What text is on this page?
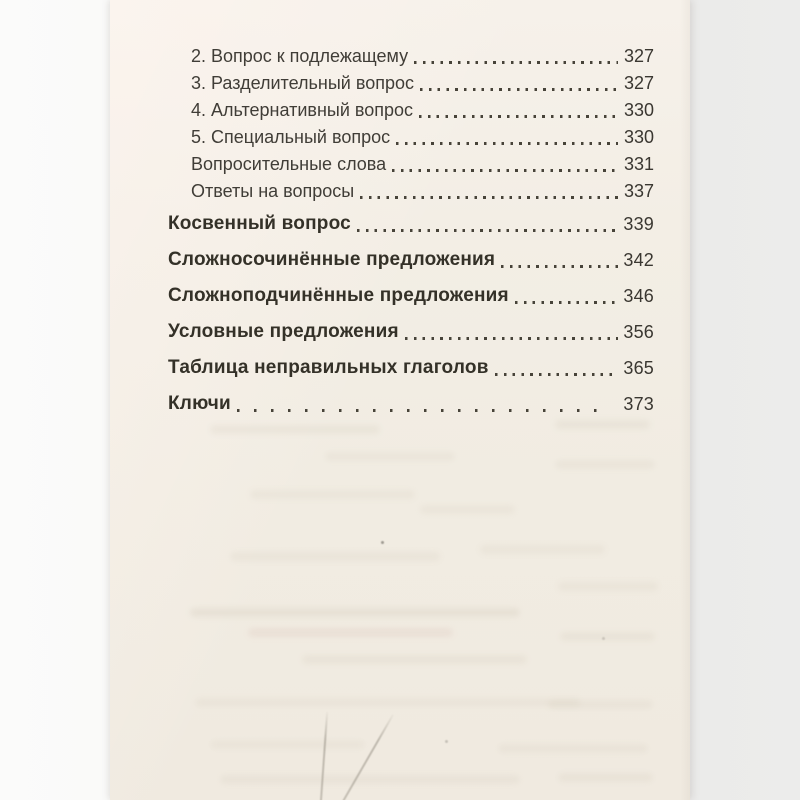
2. Вопрос к подлежащему	327
3. Разделительный вопрос	327
4. Альтернативный вопрос	330
5. Специальный вопрос	330
Вопросительные слова	331
Ответы на вопросы	337
Косвенный вопрос	339
Сложносочинённые предложения	342
Сложноподчинённые предложения	346
Условные предложения	356
Таблица неправильных глаголов	365
Ключи	373
